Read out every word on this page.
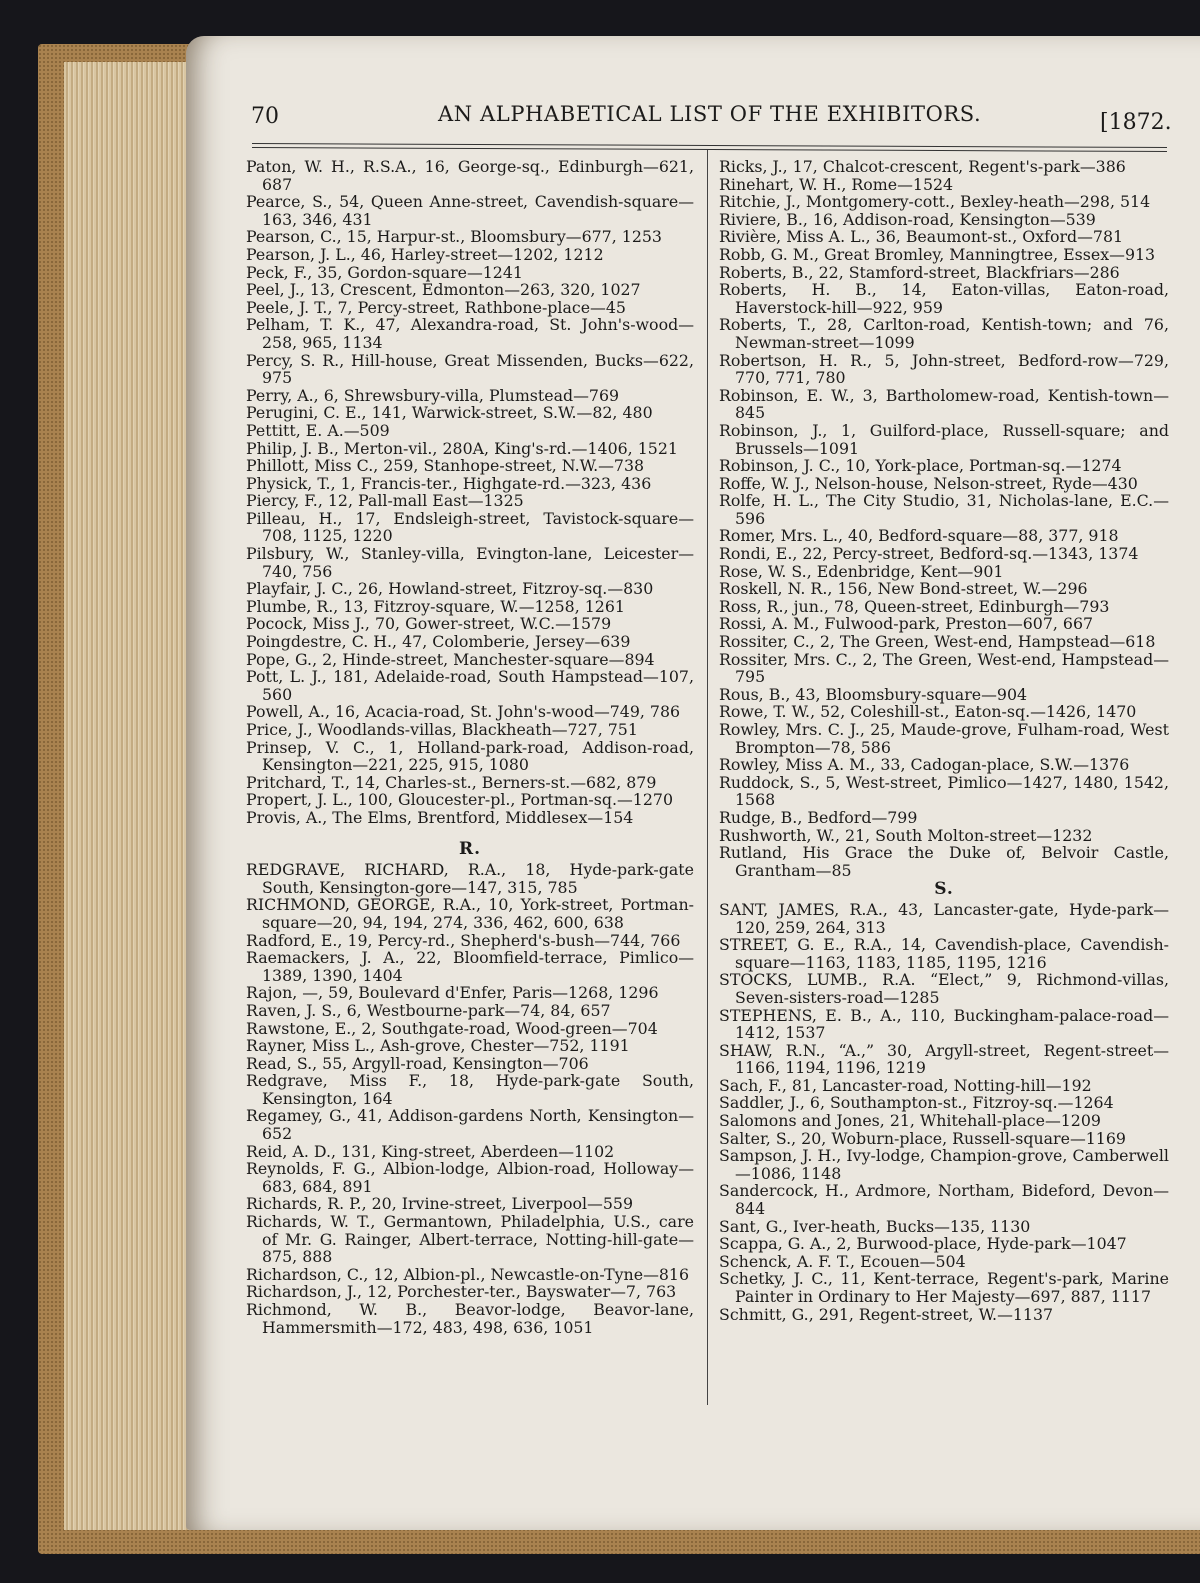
70	AN ALPHABETICAL LIST OF THE EXHIBITORS.	[1872.

Paton, W. H., R.S.A., 16, George-sq., Edinburgh—621, 687

Pearce, S., 54, Queen Anne-street, Cavendish-square—163, 346, 431

Pearson, C., 15, Harpur-st., Bloomsbury—677, 1253

Pearson, J. L., 46, Harley-street—1202, 1212

Peck, F., 35, Gordon-square—1241

Peel, J., 13, Crescent, Edmonton—263, 320, 1027

Peele, J. T., 7, Percy-street, Rathbone-place—45

Pelham, T. K., 47, Alexandra-road, St. John's-wood—258, 965, 1134

Percy, S. R., Hill-house, Great Missenden, Bucks—622, 975

Perry, A., 6, Shrewsbury-villa, Plumstead—769

Perugini, C. E., 141, Warwick-street, S.W.—82, 480

Pettitt, E. A.—509

Philip, J. B., Merton-vil., 280A, King's-rd.—1406, 1521

Phillott, Miss C., 259, Stanhope-street, N.W.—738

Physick, T., 1, Francis-ter., Highgate-rd.—323, 436

Piercy, F., 12, Pall-mall East—1325

Pilleau, H., 17, Endsleigh-street, Tavistock-square—708, 1125, 1220

Pilsbury, W., Stanley-villa, Evington-lane, Leicester—740, 756

Playfair, J. C., 26, Howland-street, Fitzroy-sq.—830

Plumbe, R., 13, Fitzroy-square, W.—1258, 1261

Pocock, Miss J., 70, Gower-street, W.C.—1579

Poingdestre, C. H., 47, Colomberie, Jersey—639

Pope, G., 2, Hinde-street, Manchester-square—894

Pott, L. J., 181, Adelaide-road, South Hampstead—107, 560

Powell, A., 16, Acacia-road, St. John's-wood—749, 786

Price, J., Woodlands-villas, Blackheath—727, 751

Prinsep, V. C., 1, Holland-park-road, Addison-road, Kensington—221, 225, 915, 1080

Pritchard, T., 14, Charles-st., Berners-st.—682, 879

Propert, J. L., 100, Gloucester-pl., Portman-sq.—1270

Provis, A., The Elms, Brentford, Middlesex—154

R.

REDGRAVE, RICHARD, R.A., 18, Hyde-park-gate South, Kensington-gore—147, 315, 785

RICHMOND, GEORGE, R.A., 10, York-street, Portman-square—20, 94, 194, 274, 336, 462, 600, 638

Radford, E., 19, Percy-rd., Shepherd's-bush—744, 766

Raemackers, J. A., 22, Bloomfield-terrace, Pimlico—1389, 1390, 1404

Rajon, —, 59, Boulevard d'Enfer, Paris—1268, 1296

Raven, J. S., 6, Westbourne-park—74, 84, 657

Rawstone, E., 2, Southgate-road, Wood-green—704

Rayner, Miss L., Ash-grove, Chester—752, 1191

Read, S., 55, Argyll-road, Kensington—706

Redgrave, Miss F., 18, Hyde-park-gate South, Kensington, 164

Regamey, G., 41, Addison-gardens North, Kensington—652

Reid, A. D., 131, King-street, Aberdeen—1102

Reynolds, F. G., Albion-lodge, Albion-road, Holloway—683, 684, 891

Richards, R. P., 20, Irvine-street, Liverpool—559

Richards, W. T., Germantown, Philadelphia, U.S., care of Mr. G. Rainger, Albert-terrace, Notting-hill-gate—875, 888

Richardson, C., 12, Albion-pl., Newcastle-on-Tyne—816

Richardson, J., 12, Porchester-ter., Bayswater—7, 763

Richmond, W. B., Beavor-lodge, Beavor-lane, Hammersmith—172, 483, 498, 636, 1051

Ricks, J., 17, Chalcot-crescent, Regent's-park—386

Rinehart, W. H., Rome—1524

Ritchie, J., Montgomery-cott., Bexley-heath—298, 514

Riviere, B., 16, Addison-road, Kensington—539

Rivière, Miss A. L., 36, Beaumont-st., Oxford—781

Robb, G. M., Great Bromley, Manningtree, Essex—913

Roberts, B., 22, Stamford-street, Blackfriars—286

Roberts, H. B., 14, Eaton-villas, Eaton-road, Haverstock-hill—922, 959

Roberts, T., 28, Carlton-road, Kentish-town; and 76, Newman-street—1099

Robertson, H. R., 5, John-street, Bedford-row—729, 770, 771, 780

Robinson, E. W., 3, Bartholomew-road, Kentish-town—845

Robinson, J., 1, Guilford-place, Russell-square; and Brussels—1091

Robinson, J. C., 10, York-place, Portman-sq.—1274

Roffe, W. J., Nelson-house, Nelson-street, Ryde—430

Rolfe, H. L., The City Studio, 31, Nicholas-lane, E.C.—596

Romer, Mrs. L., 40, Bedford-square—88, 377, 918

Rondi, E., 22, Percy-street, Bedford-sq.—1343, 1374

Rose, W. S., Edenbridge, Kent—901

Roskell, N. R., 156, New Bond-street, W.—296

Ross, R., jun., 78, Queen-street, Edinburgh—793

Rossi, A. M., Fulwood-park, Preston—607, 667

Rossiter, C., 2, The Green, West-end, Hampstead—618

Rossiter, Mrs. C., 2, The Green, West-end, Hampstead—795

Rous, B., 43, Bloomsbury-square—904

Rowe, T. W., 52, Coleshill-st., Eaton-sq.—1426, 1470

Rowley, Mrs. C. J., 25, Maude-grove, Fulham-road, West Brompton—78, 586

Rowley, Miss A. M., 33, Cadogan-place, S.W.—1376

Ruddock, S., 5, West-street, Pimlico—1427, 1480, 1542, 1568

Rudge, B., Bedford—799

Rushworth, W., 21, South Molton-street—1232

Rutland, His Grace the Duke of, Belvoir Castle, Grantham—85

S.

SANT, JAMES, R.A., 43, Lancaster-gate, Hyde-park—120, 259, 264, 313

STREET, G. E., R.A., 14, Cavendish-place, Cavendish-square—1163, 1183, 1185, 1195, 1216

STOCKS, LUMB., R.A. “Elect,” 9, Richmond-villas, Seven-sisters-road—1285

STEPHENS, E. B., A., 110, Buckingham-palace-road—1412, 1537

SHAW, R.N., “A.,” 30, Argyll-street, Regent-street—1166, 1194, 1196, 1219

Sach, F., 81, Lancaster-road, Notting-hill—192

Saddler, J., 6, Southampton-st., Fitzroy-sq.—1264

Salomons and Jones, 21, Whitehall-place—1209

Salter, S., 20, Woburn-place, Russell-square—1169

Sampson, J. H., Ivy-lodge, Champion-grove, Camberwell—1086, 1148

Sandercock, H., Ardmore, Northam, Bideford, Devon—844

Sant, G., Iver-heath, Bucks—135, 1130

Scappa, G. A., 2, Burwood-place, Hyde-park—1047

Schenck, A. F. T., Ecouen—504

Schetky, J. C., 11, Kent-terrace, Regent's-park, Marine Painter in Ordinary to Her Majesty—697, 887, 1117

Schmitt, G., 291, Regent-street, W.—1137
